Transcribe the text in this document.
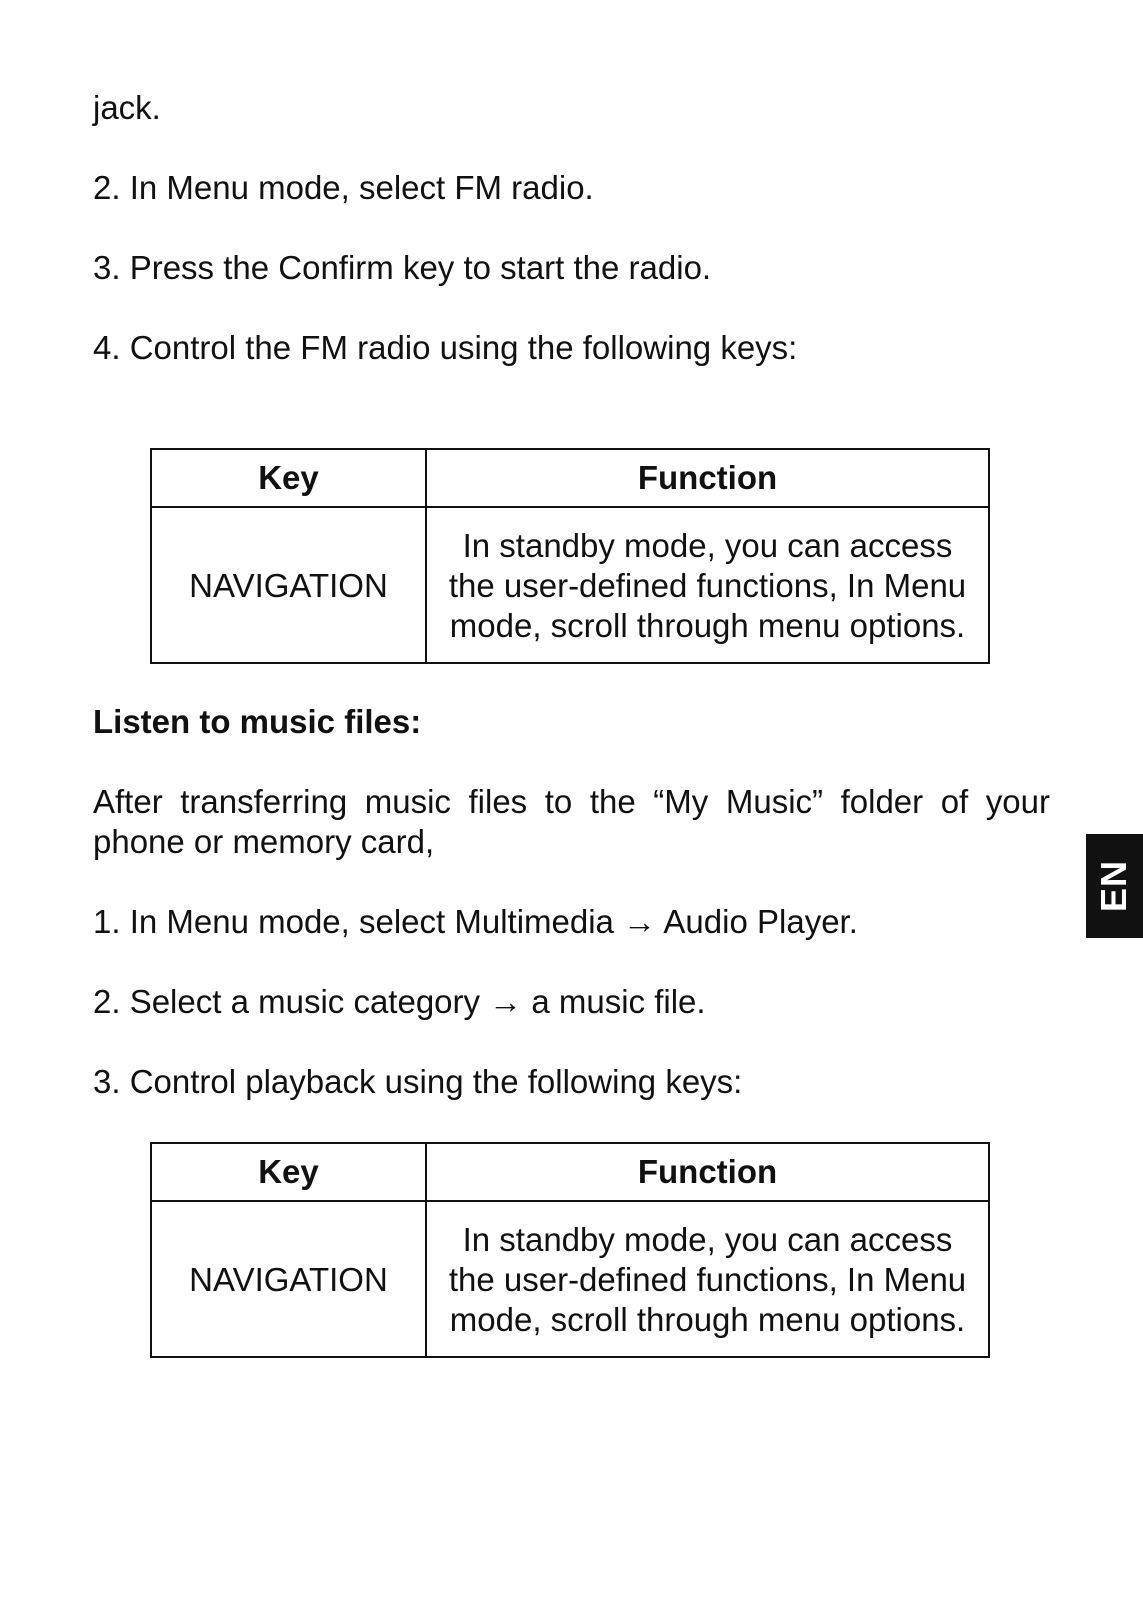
jack.

2. In Menu mode, select FM radio.

3. Press the Confirm key to start the radio.

4. Control the FM radio using the following keys:

Key	Function
NAVIGATION	In standby mode, you can access the user-defined functions, In Menu mode, scroll through menu options.

Listen to music files:

After transferring music files to the “My Music” folder of your phone or memory card,

1. In Menu mode, select Multimedia → Audio Player.

2. Select a music category → a music file.

3. Control playback using the following keys:

Key	Function
NAVIGATION	In standby mode, you can access the user-defined functions, In Menu mode, scroll through menu options.
EN
